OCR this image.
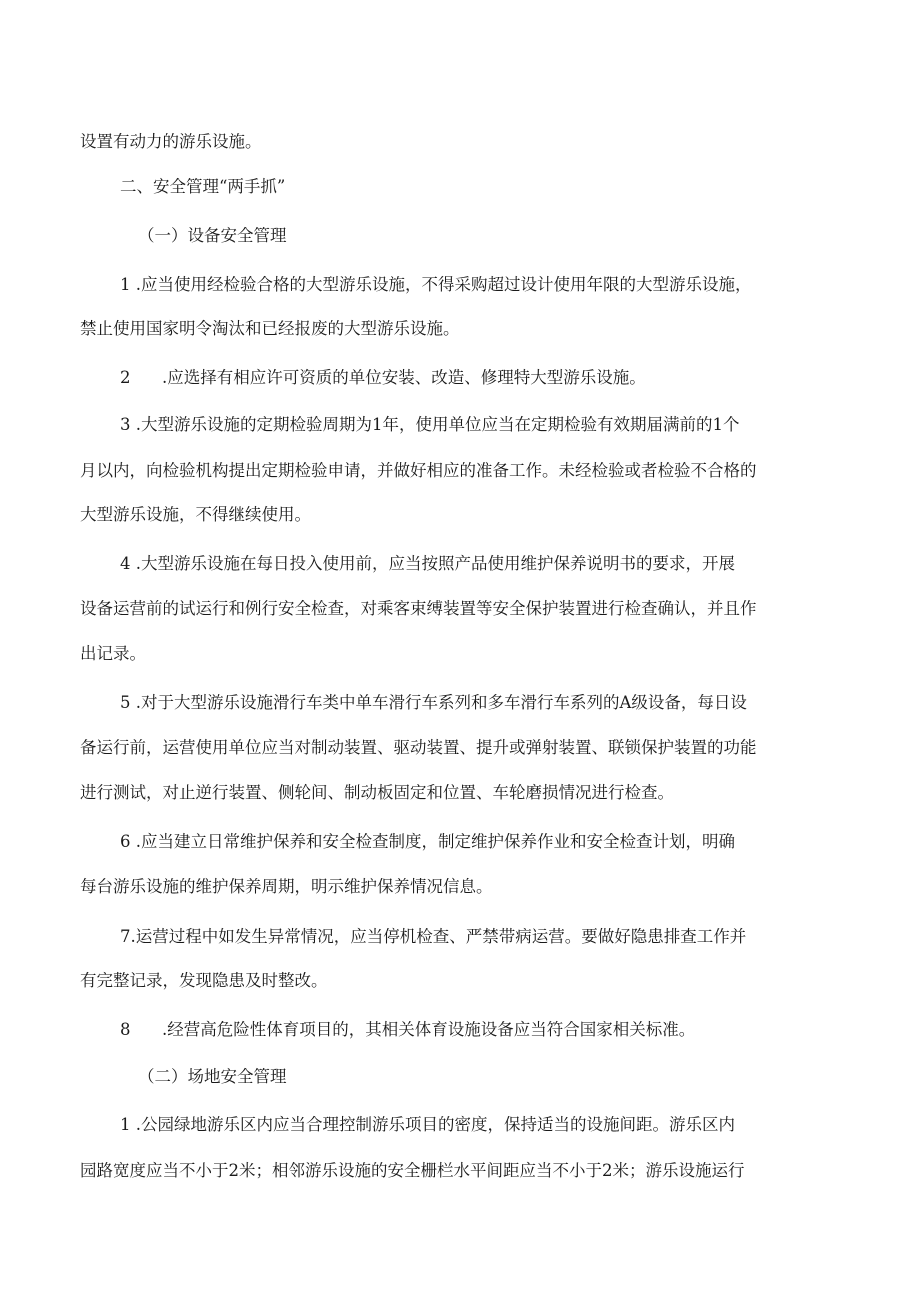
设置有动力的游乐设施。

二、安全管理“两手抓”

（一）设备安全管理

1 .应当使用经检验合格的大型游乐设施，不得采购超过设计使用年限的大型游乐设施，

禁止使用国家明令淘汰和已经报废的大型游乐设施。

2      .应选择有相应许可资质的单位安装、改造、修理特大型游乐设施。

3 .大型游乐设施的定期检验周期为1年，使用单位应当在定期检验有效期届满前的1个

月以内，向检验机构提出定期检验申请，并做好相应的准备工作。未经检验或者检验不合格的

大型游乐设施，不得继续使用。

4 .大型游乐设施在每日投入使用前，应当按照产品使用维护保养说明书的要求，开展

设备运营前的试运行和例行安全检查，对乘客束缚装置等安全保护装置进行检查确认，并且作

出记录。

5 .对于大型游乐设施滑行车类中单车滑行车系列和多车滑行车系列的A级设备，每日设

备运行前，运营使用单位应当对制动装置、驱动装置、提升或弹射装置、联锁保护装置的功能

进行测试，对止逆行装置、侧轮间、制动板固定和位置、车轮磨损情况进行检查。

6 .应当建立日常维护保养和安全检查制度，制定维护保养作业和安全检查计划，明确

每台游乐设施的维护保养周期，明示维护保养情况信息。

7.运营过程中如发生异常情况，应当停机检查、严禁带病运营。要做好隐患排查工作并

有完整记录，发现隐患及时整改。

8      .经营高危险性体育项目的，其相关体育设施设备应当符合国家相关标准。

（二）场地安全管理

1 .公园绿地游乐区内应当合理控制游乐项目的密度，保持适当的设施间距。游乐区内

园路宽度应当不小于2米；相邻游乐设施的安全栅栏水平间距应当不小于2米；游乐设施运行
